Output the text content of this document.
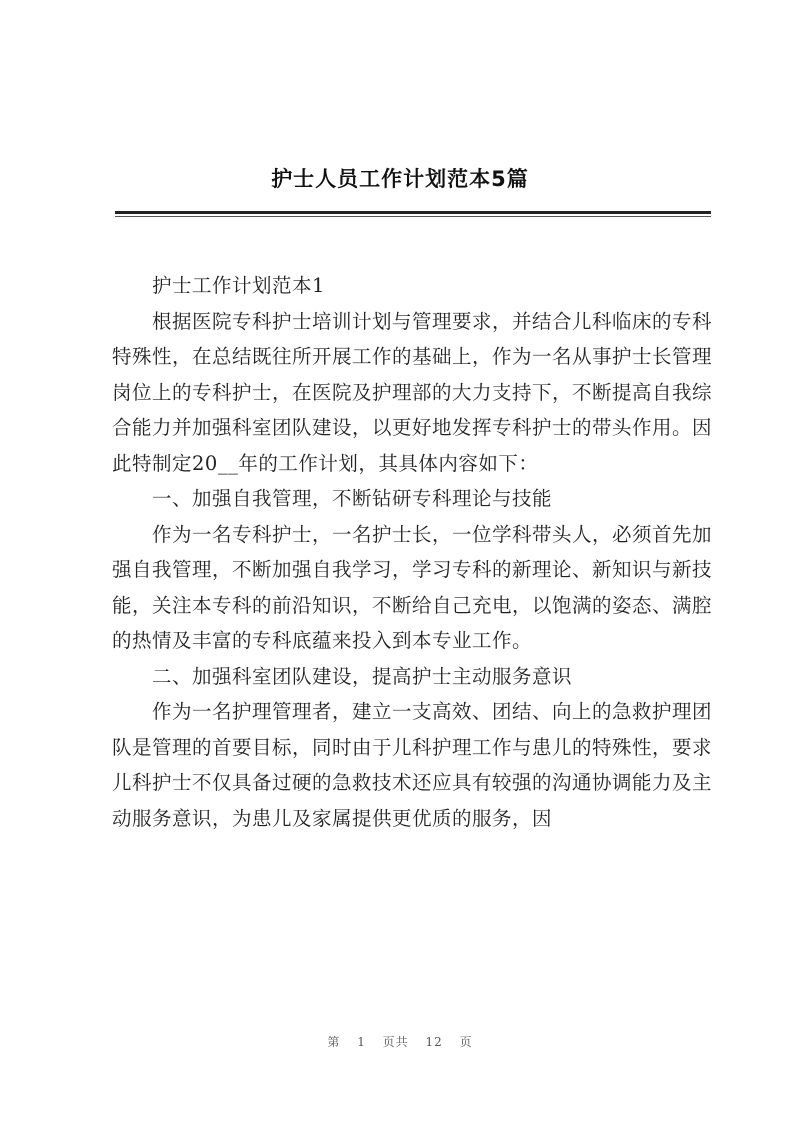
护士人员工作计划范本5篇

护士工作计划范本1

根据医院专科护士培训计划与管理要求，并结合儿科临床的专科特殊性，在总结既往所开展工作的基础上，作为一名从事护士长管理岗位上的专科护士，在医院及护理部的大力支持下，不断提高自我综合能力并加强科室团队建设，以更好地发挥专科护士的带头作用。因此特制定20__年的工作计划，其具体内容如下：

一、加强自我管理，不断钻研专科理论与技能

作为一名专科护士，一名护士长，一位学科带头人，必须首先加强自我管理，不断加强自我学习，学习专科的新理论、新知识与新技能，关注本专科的前沿知识，不断给自己充电，以饱满的姿态、满腔的热情及丰富的专科底蕴来投入到本专业工作。

二、加强科室团队建设，提高护士主动服务意识

作为一名护理管理者，建立一支高效、团结、向上的急救护理团队是管理的首要目标，同时由于儿科护理工作与患儿的特殊性，要求儿科护士不仅具备过硬的急救技术还应具有较强的沟通协调能力及主动服务意识，为患儿及家属提供更优质的服务，因

第 1 页共 12 页
